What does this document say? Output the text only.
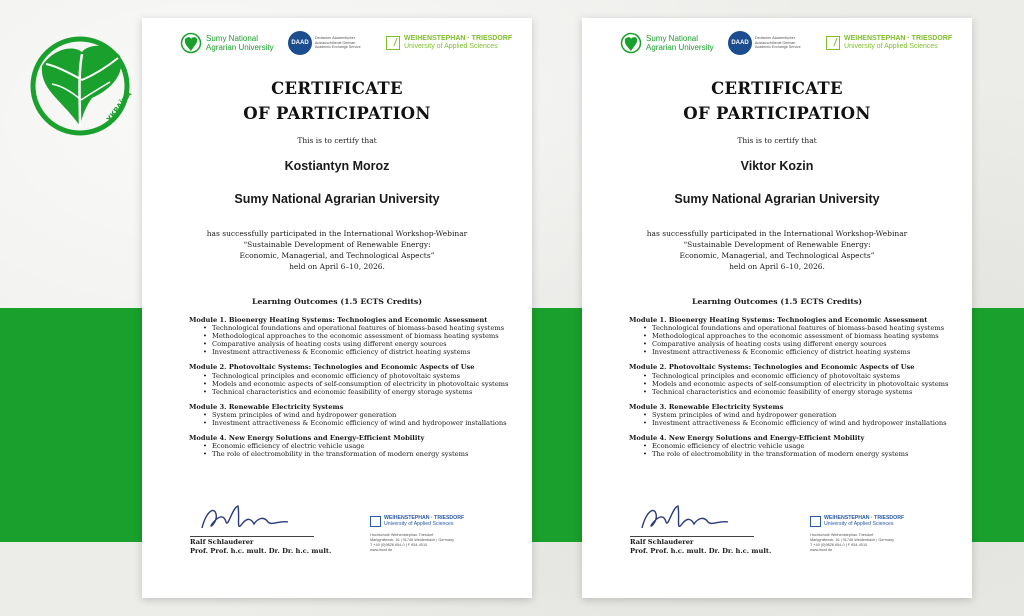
УКРАЇНА
Sumy National
Agrarian University	DAAD
Deutscher Akademischer Austauschdienst German Academic Exchange Service
WEIHENSTEPHAN · TRIESDORF
University of Applied Sciences
CERTIFICATE
OF PARTICIPATION
This is to certify that
Kostiantyn Moroz
Sumy National Agrarian University
has successfully participated in the International Workshop-Webinar
“Sustainable Development of Renewable Energy:
Economic, Managerial, and Technological Aspects”
held on April 6–10, 2026.
Learning Outcomes (1.5 ECTS Credits)
Module 1. Bioenergy Heating Systems: Technologies and Economic Assessment
• Technological foundations and operational features of biomass-based heating systems
• Methodological approaches to the economic assessment of biomass heating systems
• Comparative analysis of heating costs using different energy sources
• Investment attractiveness & Economic efficiency of district heating systems
Module 2. Photovoltaic Systems: Technologies and Economic Aspects of Use
• Technological principles and economic efficiency of photovoltaic systems
• Models and economic aspects of self-consumption of electricity in photovoltaic systems
• Technical characteristics and economic feasibility of energy storage systems
Module 3. Renewable Electricity Systems
• System principles of wind and hydropower generation
• Investment attractiveness & Economic efficiency of wind and hydropower installations
Module 4. New Energy Solutions and Energy-Efficient Mobility
• Economic efficiency of electric vehicle usage
• The role of electromobility in the transformation of modern energy systems
Ralf Schlauderer
Prof. Prof. h.c. mult. Dr. Dr. h.c. mult.
WEIHENSTEPHAN · TRIESDORF
University of Applied Sciences
Hochschule Weihenstephan-Triesdorf
Markgrafenstr. 16 | 91746 Weidenbach | Germany
T +49 (0)9826 654-0 | F 654-4010
www.hswt.de
Sumy National
Agrarian University	DAAD
Deutscher Akademischer Austauschdienst German Academic Exchange Service
WEIHENSTEPHAN · TRIESDORF
University of Applied Sciences
CERTIFICATE
OF PARTICIPATION
This is to certify that
Viktor Kozin
Sumy National Agrarian University
has successfully participated in the International Workshop-Webinar
“Sustainable Development of Renewable Energy:
Economic, Managerial, and Technological Aspects”
held on April 6–10, 2026.
Learning Outcomes (1.5 ECTS Credits)
Module 1. Bioenergy Heating Systems: Technologies and Economic Assessment
• Technological foundations and operational features of biomass-based heating systems
• Methodological approaches to the economic assessment of biomass heating systems
• Comparative analysis of heating costs using different energy sources
• Investment attractiveness & Economic efficiency of district heating systems
Module 2. Photovoltaic Systems: Technologies and Economic Aspects of Use
• Technological principles and economic efficiency of photovoltaic systems
• Models and economic aspects of self-consumption of electricity in photovoltaic systems
• Technical characteristics and economic feasibility of energy storage systems
Module 3. Renewable Electricity Systems
• System principles of wind and hydropower generation
• Investment attractiveness & Economic efficiency of wind and hydropower installations
Module 4. New Energy Solutions and Energy-Efficient Mobility
• Economic efficiency of electric vehicle usage
• The role of electromobility in the transformation of modern energy systems
Ralf Schlauderer
Prof. Prof. h.c. mult. Dr. Dr. h.c. mult.
WEIHENSTEPHAN · TRIESDORF
University of Applied Sciences
Hochschule Weihenstephan-Triesdorf
Markgrafenstr. 16 | 91746 Weidenbach | Germany
T +49 (0)9826 654-0 | F 654-4010
www.hswt.de
